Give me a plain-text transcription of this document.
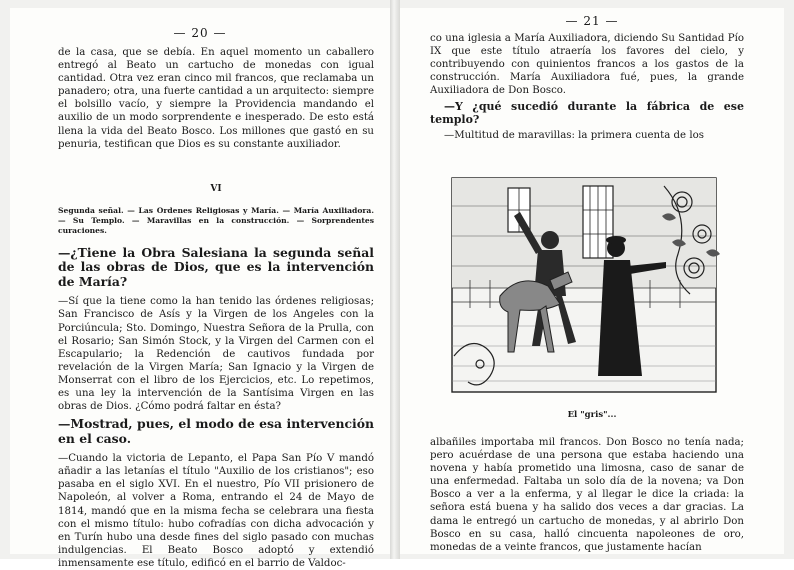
— 20 —

de la casa, que se debía. En aquel momento un caballero entregó al Beato un cartucho de monedas con igual cantidad. Otra vez eran cinco mil francos, que reclamaba un panadero; otra, una fuerte cantidad a un arquitecto: siempre el bolsillo vacío, y siempre la Providencia mandando el auxilio de un modo sorprendente e inesperado. De esto está llena la vida del Beato Bosco. Los millones que gastó en su penuria, testifican que Dios es su constante auxiliador.

VI
Segunda señal. — Las Ordenes Religiosas y María. — María Auxiliadora. — Su Templo. — Maravillas en la construcción. — Sorprendentes curaciones.

—¿Tiene la Obra Salesiana la segunda señal de las obras de Dios, que es la intervención de María?

—Sí que la tiene como la han tenido las órdenes religiosas; San Francisco de Asís y la Virgen de los Angeles con la Porciúncula; Sto. Domingo, Nuestra Señora de la Prulla, con el Rosario; San Simón Stock, y la Virgen del Carmen con el Escapulario; la Redención de cautivos fundada por revelación de la Virgen María; San Ignacio y la Virgen de Monserrat con el libro de los Ejercicios, etc. Lo repetimos, es una ley la intervención de la Santísima Virgen en las obras de Dios. ¿Cómo podrá faltar en ésta?

—Mostrad, pues, el modo de esa intervención en el caso.

—Cuando la victoria de Lepanto, el Papa San Pío V mandó añadir a las letanías el título "Auxilio de los cristianos"; eso pasaba en el siglo XVI. En el nuestro, Pío VII prisionero de Napoleón, al volver a Roma, entrando el 24 de Mayo de 1814, mandó que en la misma fecha se celebrara una fiesta con el mismo título: hubo cofradías con dicha advocación y en Turín hubo una desde fines del siglo pasado con muchas indulgencias. El Beato Bosco adoptó y extendió inmensamente ese título, edificó en el barrio de Valdoc-

— 21 —

co una iglesia a María Auxiliadora, diciendo Su Santidad Pío IX que este título atraería los favores del cielo, y contribuyendo con quinientos francos a los gastos de la construcción. María Auxiliadora fué, pues, la grande Auxiliadora de Don Bosco.

—Y ¿qué sucedió durante la fábrica de ese templo?

—Multitud de maravillas: la primera cuenta de los

El "gris"...

albañiles importaba mil francos. Don Bosco no tenía nada; pero acuérdase de una persona que estaba haciendo una novena y había prometido una limosna, caso de sanar de una enfermedad. Faltaba un solo día de la novena; va Don Bosco a ver a la enferma, y al llegar le dice la criada: la señora está buena y ha salido dos veces a dar gracias. La dama le entregó un cartucho de monedas, y al abrirlo Don Bosco en su casa, halló cincuenta napoleones de oro, monedas de a veinte francos, que justamente hacían
